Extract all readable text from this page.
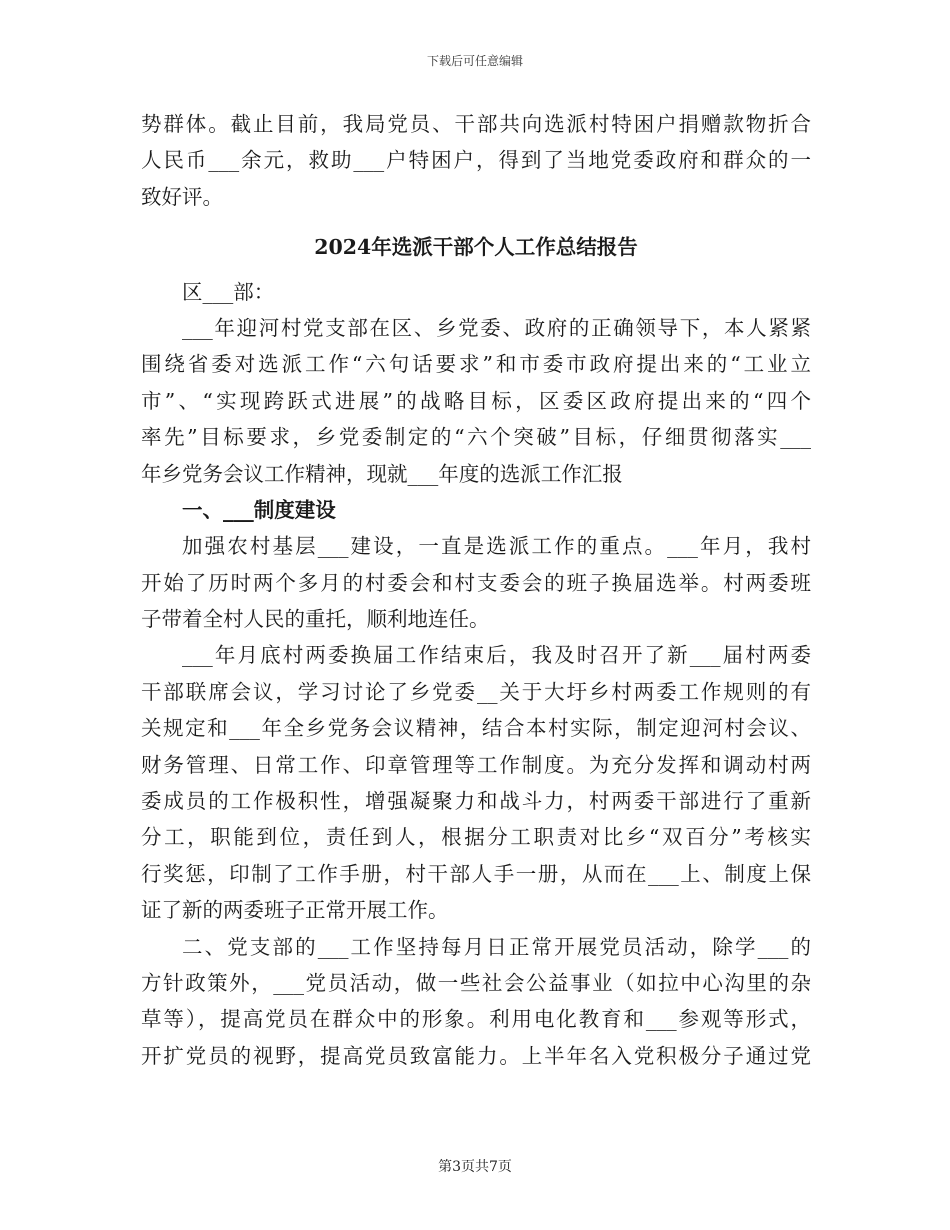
下载后可任意编辑
势群体。截止目前，我局党员、干部共向选派村特困户捐赠款物折合
人民币___余元，救助___户特困户，得到了当地党委政府和群众的一
致好评。
2024年选派干部个人工作总结报告
区___部：
___年迎河村党支部在区、乡党委、政府的正确领导下，本人紧紧
围绕省委对选派工作“六句话要求”和市委市政府提出来的“工业立
市”、“实现跨跃式进展”的战略目标，区委区政府提出来的“四个
率先”目标要求，乡党委制定的“六个突破”目标，仔细贯彻落实___
年乡党务会议工作精神，现就___年度的选派工作汇报
一、___制度建设
加强农村基层___建设，一直是选派工作的重点。___年月，我村
开始了历时两个多月的村委会和村支委会的班子换届选举。村两委班
子带着全村人民的重托，顺利地连任。
___年月底村两委换届工作结束后，我及时召开了新___届村两委
干部联席会议，学习讨论了乡党委__关于大圩乡村两委工作规则的有
关规定和___年全乡党务会议精神，结合本村实际，制定迎河村会议、
财务管理、日常工作、印章管理等工作制度。为充分发挥和调动村两
委成员的工作极积性，增强凝聚力和战斗力，村两委干部进行了重新
分工，职能到位，责任到人，根据分工职责对比乡“双百分”考核实
行奖惩，印制了工作手册，村干部人手一册，从而在___上、制度上保
证了新的两委班子正常开展工作。
二、党支部的___工作坚持每月日正常开展党员活动，除学___的
方针政策外，___党员活动，做一些社会公益事业（如拉中心沟里的杂
草等），提高党员在群众中的形象。利用电化教育和___参观等形式，
开扩党员的视野，提高党员致富能力。上半年名入党积极分子通过党
第3页共7页
